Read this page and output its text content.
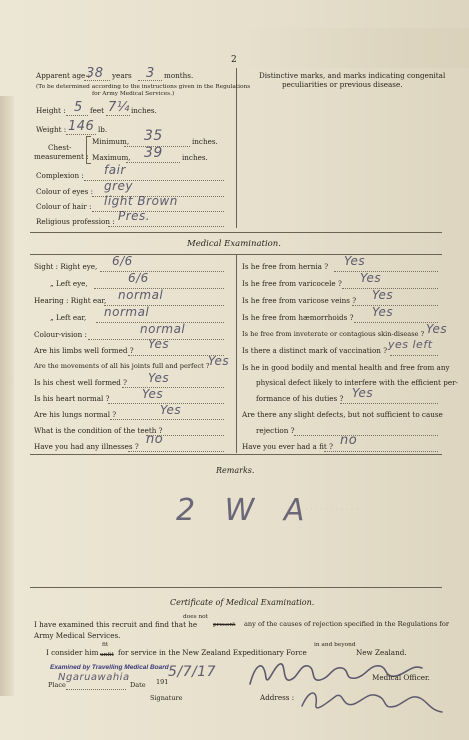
2
Apparent age :
38 years 3 months.
(To be determined according to the instructions given in the Regulations
for Army Medical Services.)
Distinctive marks, and marks indicating congenital
peculiarities or previous disease.
Height : 5 feet 7¼ inches.
Weight : 146 lb.
Chest-
measurement :
Minimum, 35	inches.
Maximum, 39	inches.
Complexion : fair
Colour of eyes : grey
Colour of hair : light Brown
Religious profession : Pres.
Medical Examination.
Sight : Right eye, 6/6
„ Left eye,	6/6
Hearing : Right ear, normal
„ Left ear, normal
Colour-vision :	normal
Are his limbs well formed ? Yes
Are the movements of all his joints full and perfect ?
Yes
Is his chest well formed ? Yes
Is his heart normal ?	Yes
Are his lungs normal ?	Yes
What is the condition of the teeth ?
Have you had any illnesses ? no
Is he free from hernia ? Yes
Is he free from varicocele ? Yes
Is he free from varicose veins ? Yes
Is he free from hæmorrhoids ? Yes
Is he free from inveterate or contagious skin-disease ? Yes
Is there a distinct mark of vaccination ? yes left
Is he in good bodily and mental health and free from any
physical defect likely to interfere with the efficient per-
formance of his duties ? Yes
Are there any slight defects, but not sufficient to cause
rejection ?
Have you ever had a fit ? no
Remarks.
2 W A
· · · · · · · · · · · ·
Certificate of Medical Examination.
I have examined this recruit and find that he
does not
present any of the causes of rejection specified in the Regulations for
Army Medical Services.
I consider him
fit
unfit for service in the New Zealand Expeditionary Force
in and beyond
New Zealand.
Examined by Travelling Medical Board
Ngaruawahia
Place	Date 191
5/7/17
Signature
Medical Officer.
Address :
